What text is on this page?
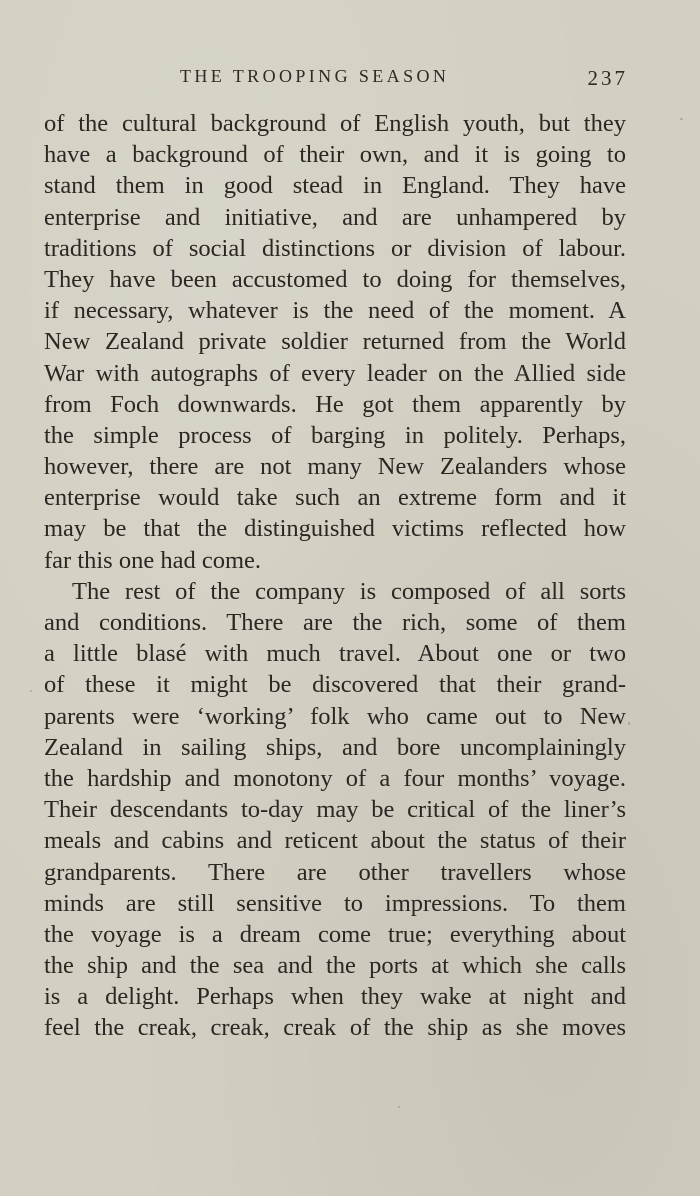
THE TROOPING SEASON	237
of the cultural background of English youth, but they
have a background of their own, and it is going to
stand them in good stead in England. They have
enterprise and initiative, and are unhampered by
traditions of social distinctions or division of labour.
They have been accustomed to doing for themselves,
if necessary, whatever is the need of the moment. A
New Zealand private soldier returned from the World
War with autographs of every leader on the Allied side
from Foch downwards. He got them apparently by
the simple process of barging in politely. Perhaps,
however, there are not many New Zealanders whose
enterprise would take such an extreme form and it
may be that the distinguished victims reflected how
far this one had come.
The rest of the company is composed of all sorts
and conditions. There are the rich, some of them
a little blasé with much travel. About one or two
of these it might be discovered that their grand-
parents were ‘working’ folk who came out to New
Zealand in sailing ships, and bore uncomplainingly
the hardship and monotony of a four months’ voyage.
Their descendants to-day may be critical of the liner’s
meals and cabins and reticent about the status of their
grandparents. There are other travellers whose
minds are still sensitive to impressions. To them
the voyage is a dream come true; everything about
the ship and the sea and the ports at which she calls
is a delight. Perhaps when they wake at night and
feel the creak, creak, creak of the ship as she moves
